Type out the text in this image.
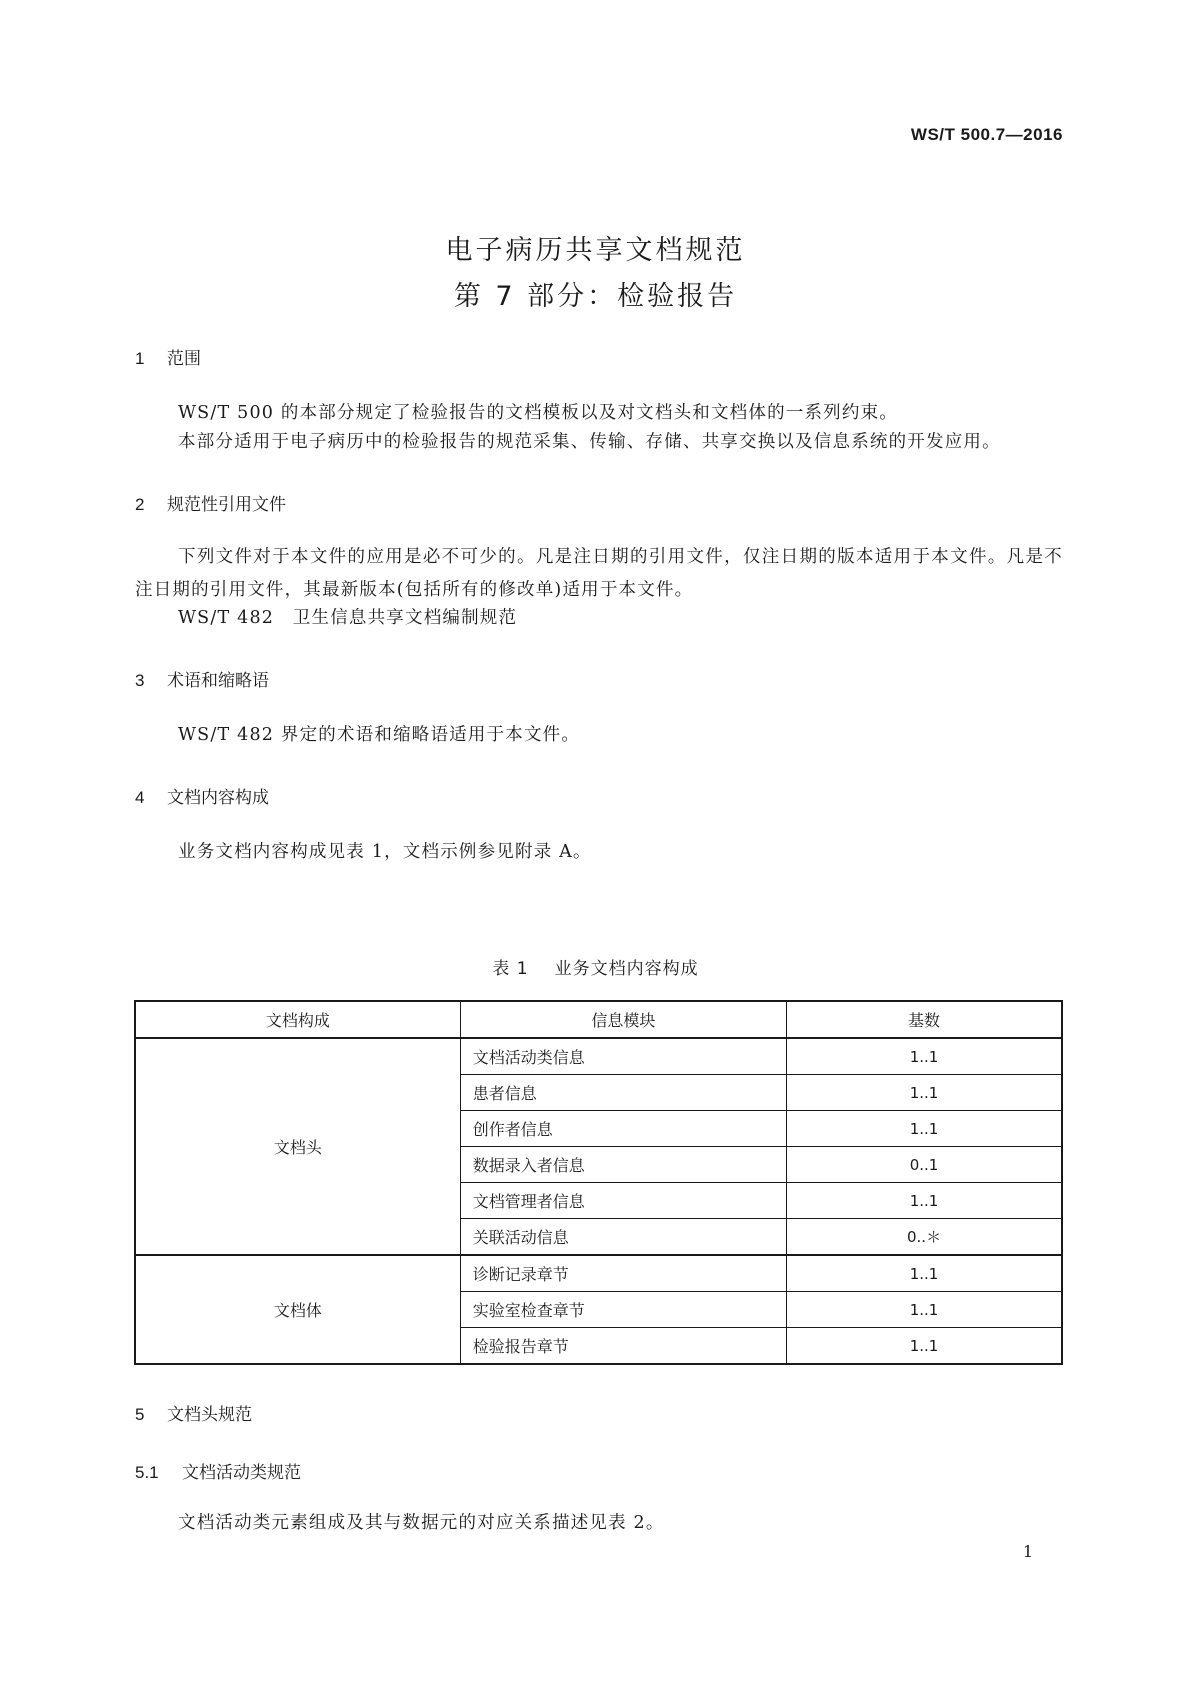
WS/T 500.7—2016
电子病历共享文档规范
第 7 部分：检验报告
1 范围
WS/T 500 的本部分规定了检验报告的文档模板以及对文档头和文档体的一系列约束。
本部分适用于电子病历中的检验报告的规范采集、传输、存储、共享交换以及信息系统的开发应用。
2 规范性引用文件
下列文件对于本文件的应用是必不可少的。凡是注日期的引用文件，仅注日期的版本适用于本文件。凡是不注日期的引用文件，其最新版本(包括所有的修改单)适用于本文件。
WS/T 482　卫生信息共享文档编制规范
3 术语和缩略语
WS/T 482 界定的术语和缩略语适用于本文件。
4 文档内容构成
业务文档内容构成见表 1，文档示例参见附录 A。
表 1 业务文档内容构成
文档构成	信息模块	基数
文档头	文档活动类信息	1..1
	患者信息	1..1
	创作者信息	1..1
	数据录入者信息	0..1
	文档管理者信息	1..1
	关联活动信息	0..＊
文档体	诊断记录章节	1..1
	实验室检查章节	1..1
	检验报告章节	1..1
5 文档头规范
5.1 文档活动类规范
文档活动类元素组成及其与数据元的对应关系描述见表 2。
1
